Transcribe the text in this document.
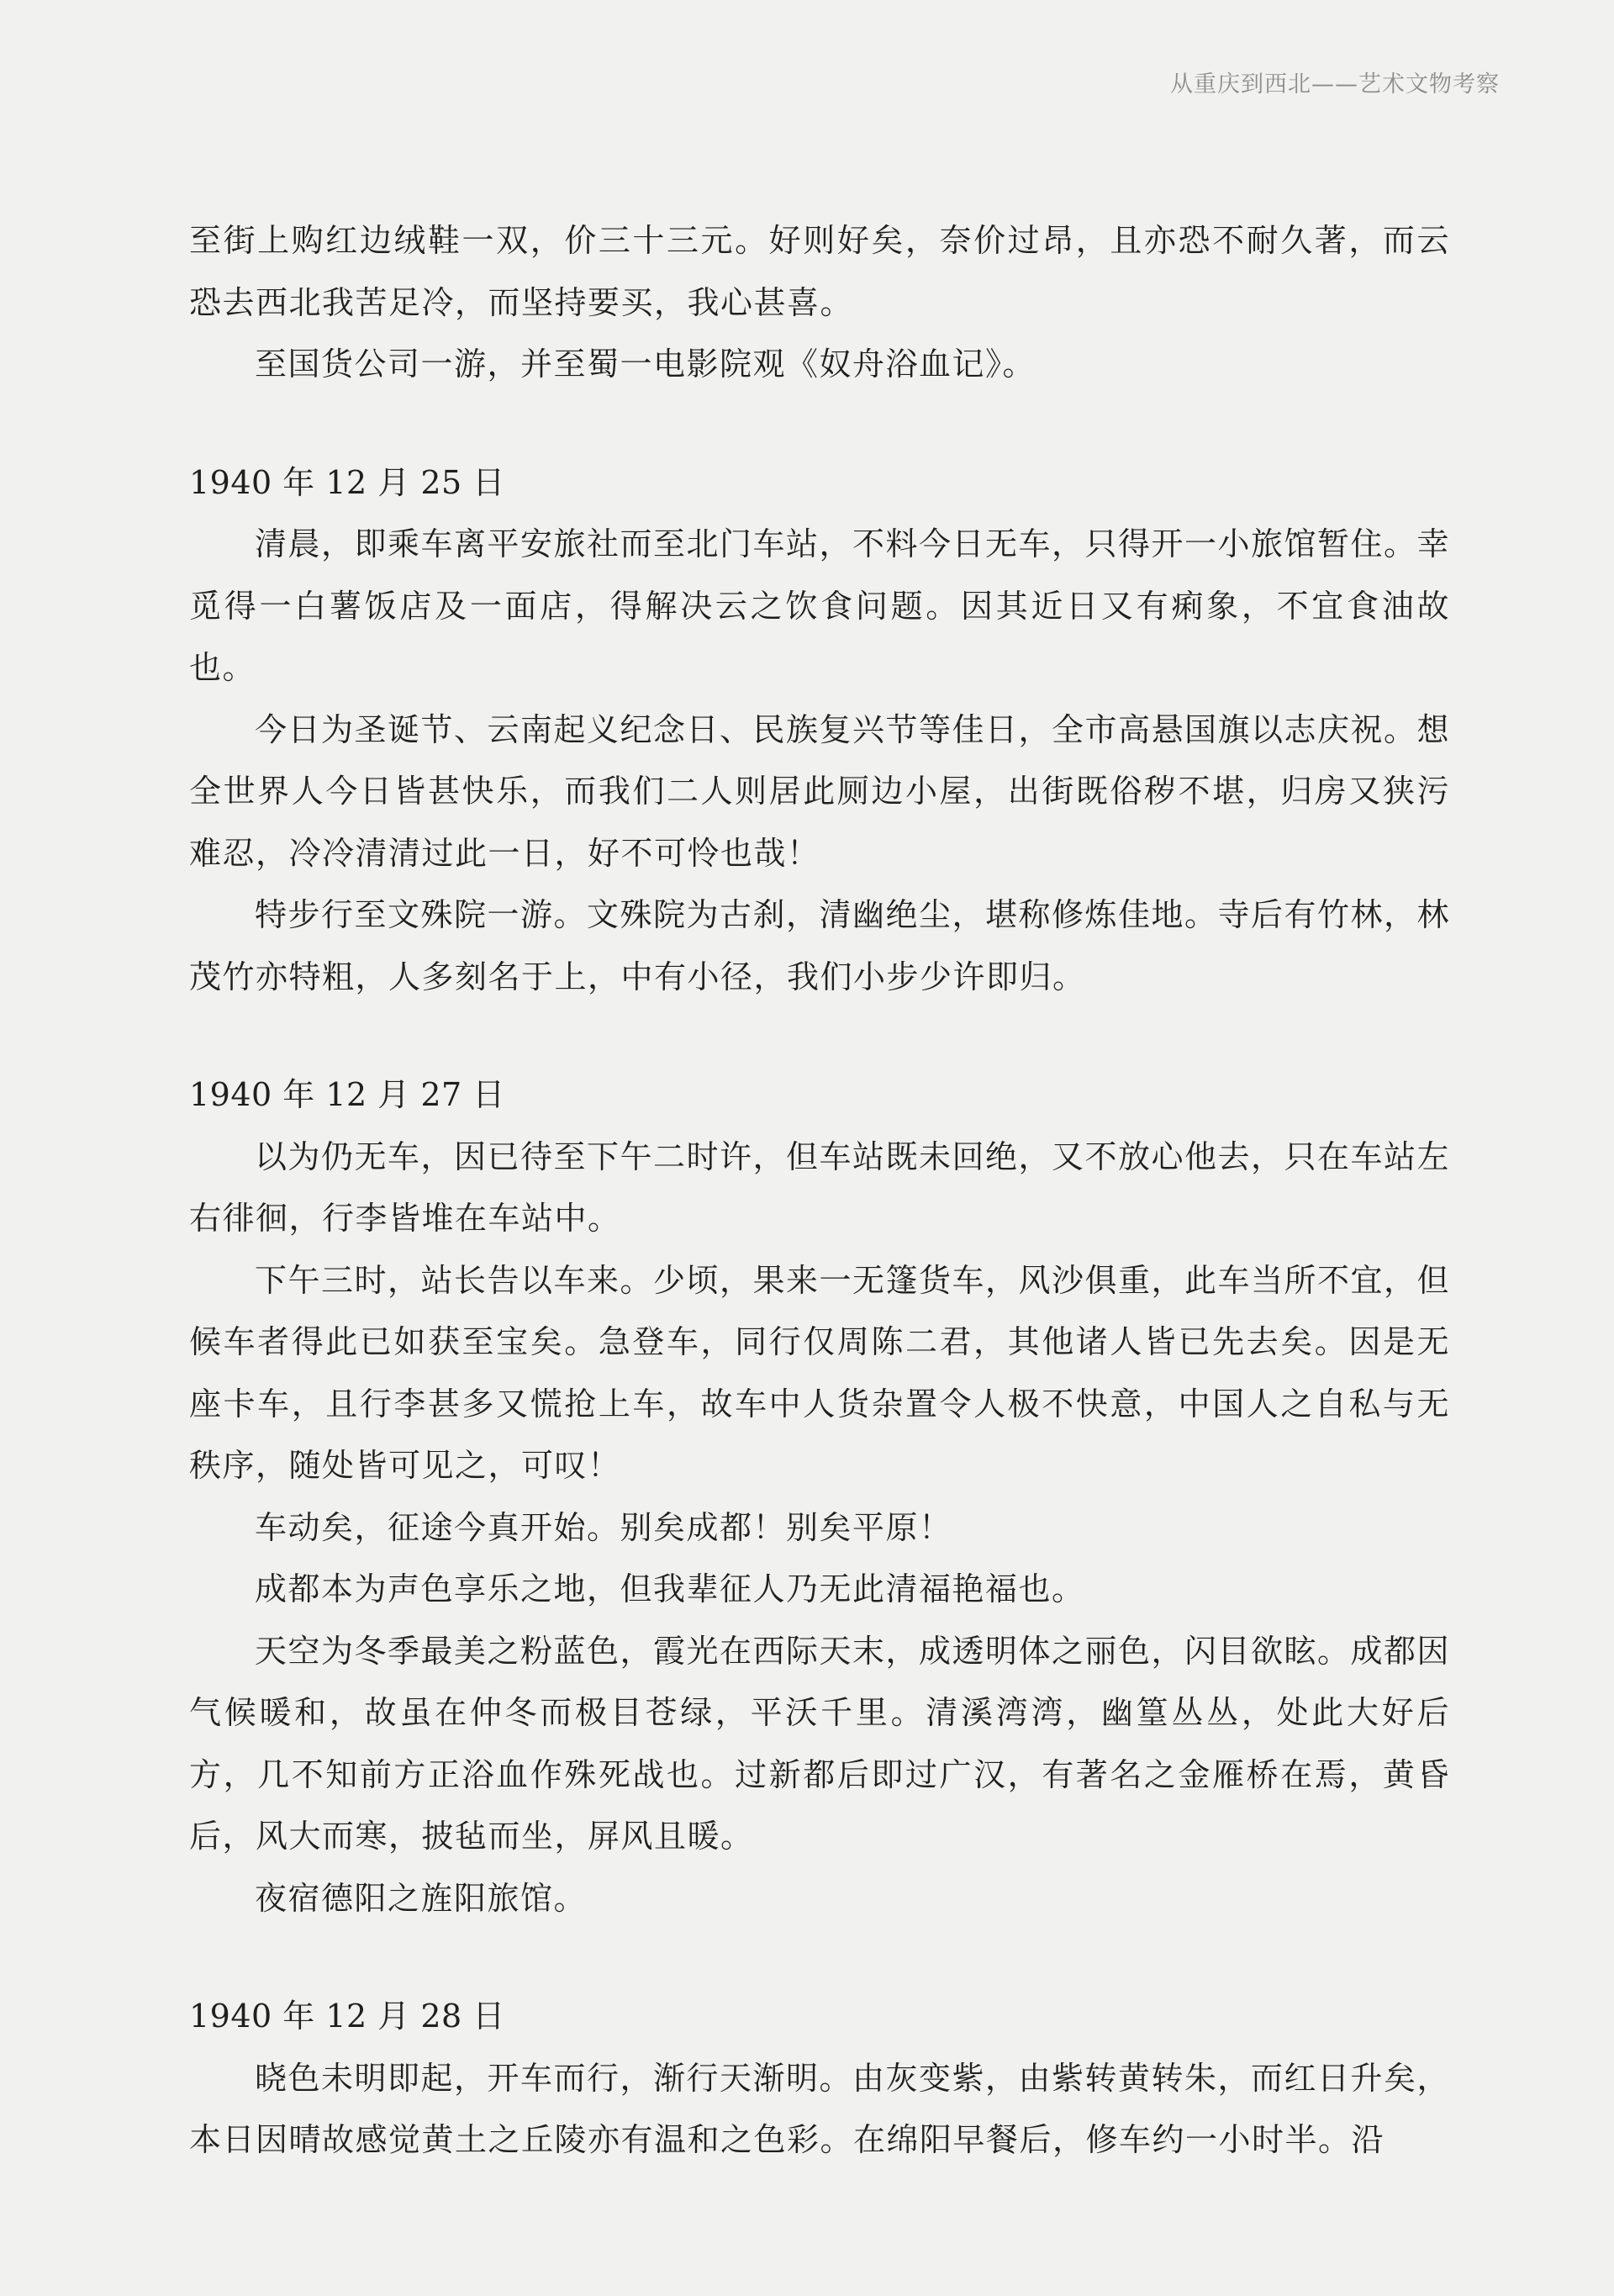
从重庆到西北——艺术文物考察

至街上购红边绒鞋一双，价三十三元。好则好矣，奈价过昂，且亦恐不耐久著，而云恐去西北我苦足冷，而坚持要买，我心甚喜。

至国货公司一游，并至蜀一电影院观《奴舟浴血记》。

1940 年 12 月 25 日

清晨，即乘车离平安旅社而至北门车站，不料今日无车，只得开一小旅馆暂住。幸觅得一白薯饭店及一面店，得解决云之饮食问题。因其近日又有痢象，不宜食油故也。

今日为圣诞节、云南起义纪念日、民族复兴节等佳日，全市高悬国旗以志庆祝。想全世界人今日皆甚快乐，而我们二人则居此厕边小屋，出街既俗秽不堪，归房又狭污难忍，冷冷清清过此一日，好不可怜也哉！

特步行至文殊院一游。文殊院为古刹，清幽绝尘，堪称修炼佳地。寺后有竹林，林茂竹亦特粗，人多刻名于上，中有小径，我们小步少许即归。

1940 年 12 月 27 日

以为仍无车，因已待至下午二时许，但车站既未回绝，又不放心他去，只在车站左右徘徊，行李皆堆在车站中。

下午三时，站长告以车来。少顷，果来一无篷货车，风沙俱重，此车当所不宜，但候车者得此已如获至宝矣。急登车，同行仅周陈二君，其他诸人皆已先去矣。因是无座卡车，且行李甚多又慌抢上车，故车中人货杂置令人极不快意，中国人之自私与无秩序，随处皆可见之，可叹！

车动矣，征途今真开始。别矣成都！别矣平原！

成都本为声色享乐之地，但我辈征人乃无此清福艳福也。

天空为冬季最美之粉蓝色，霞光在西际天末，成透明体之丽色，闪目欲眩。成都因气候暖和，故虽在仲冬而极目苍绿，平沃千里。清溪湾湾，幽篁丛丛，处此大好后方，几不知前方正浴血作殊死战也。过新都后即过广汉，有著名之金雁桥在焉，黄昏后，风大而寒，披毡而坐，屏风且暖。

夜宿德阳之旌阳旅馆。

1940 年 12 月 28 日

晓色未明即起，开车而行，渐行天渐明。由灰变紫，由紫转黄转朱，而红日升矣，本日因晴故感觉黄土之丘陵亦有温和之色彩。在绵阳早餐后，修车约一小时半。沿
